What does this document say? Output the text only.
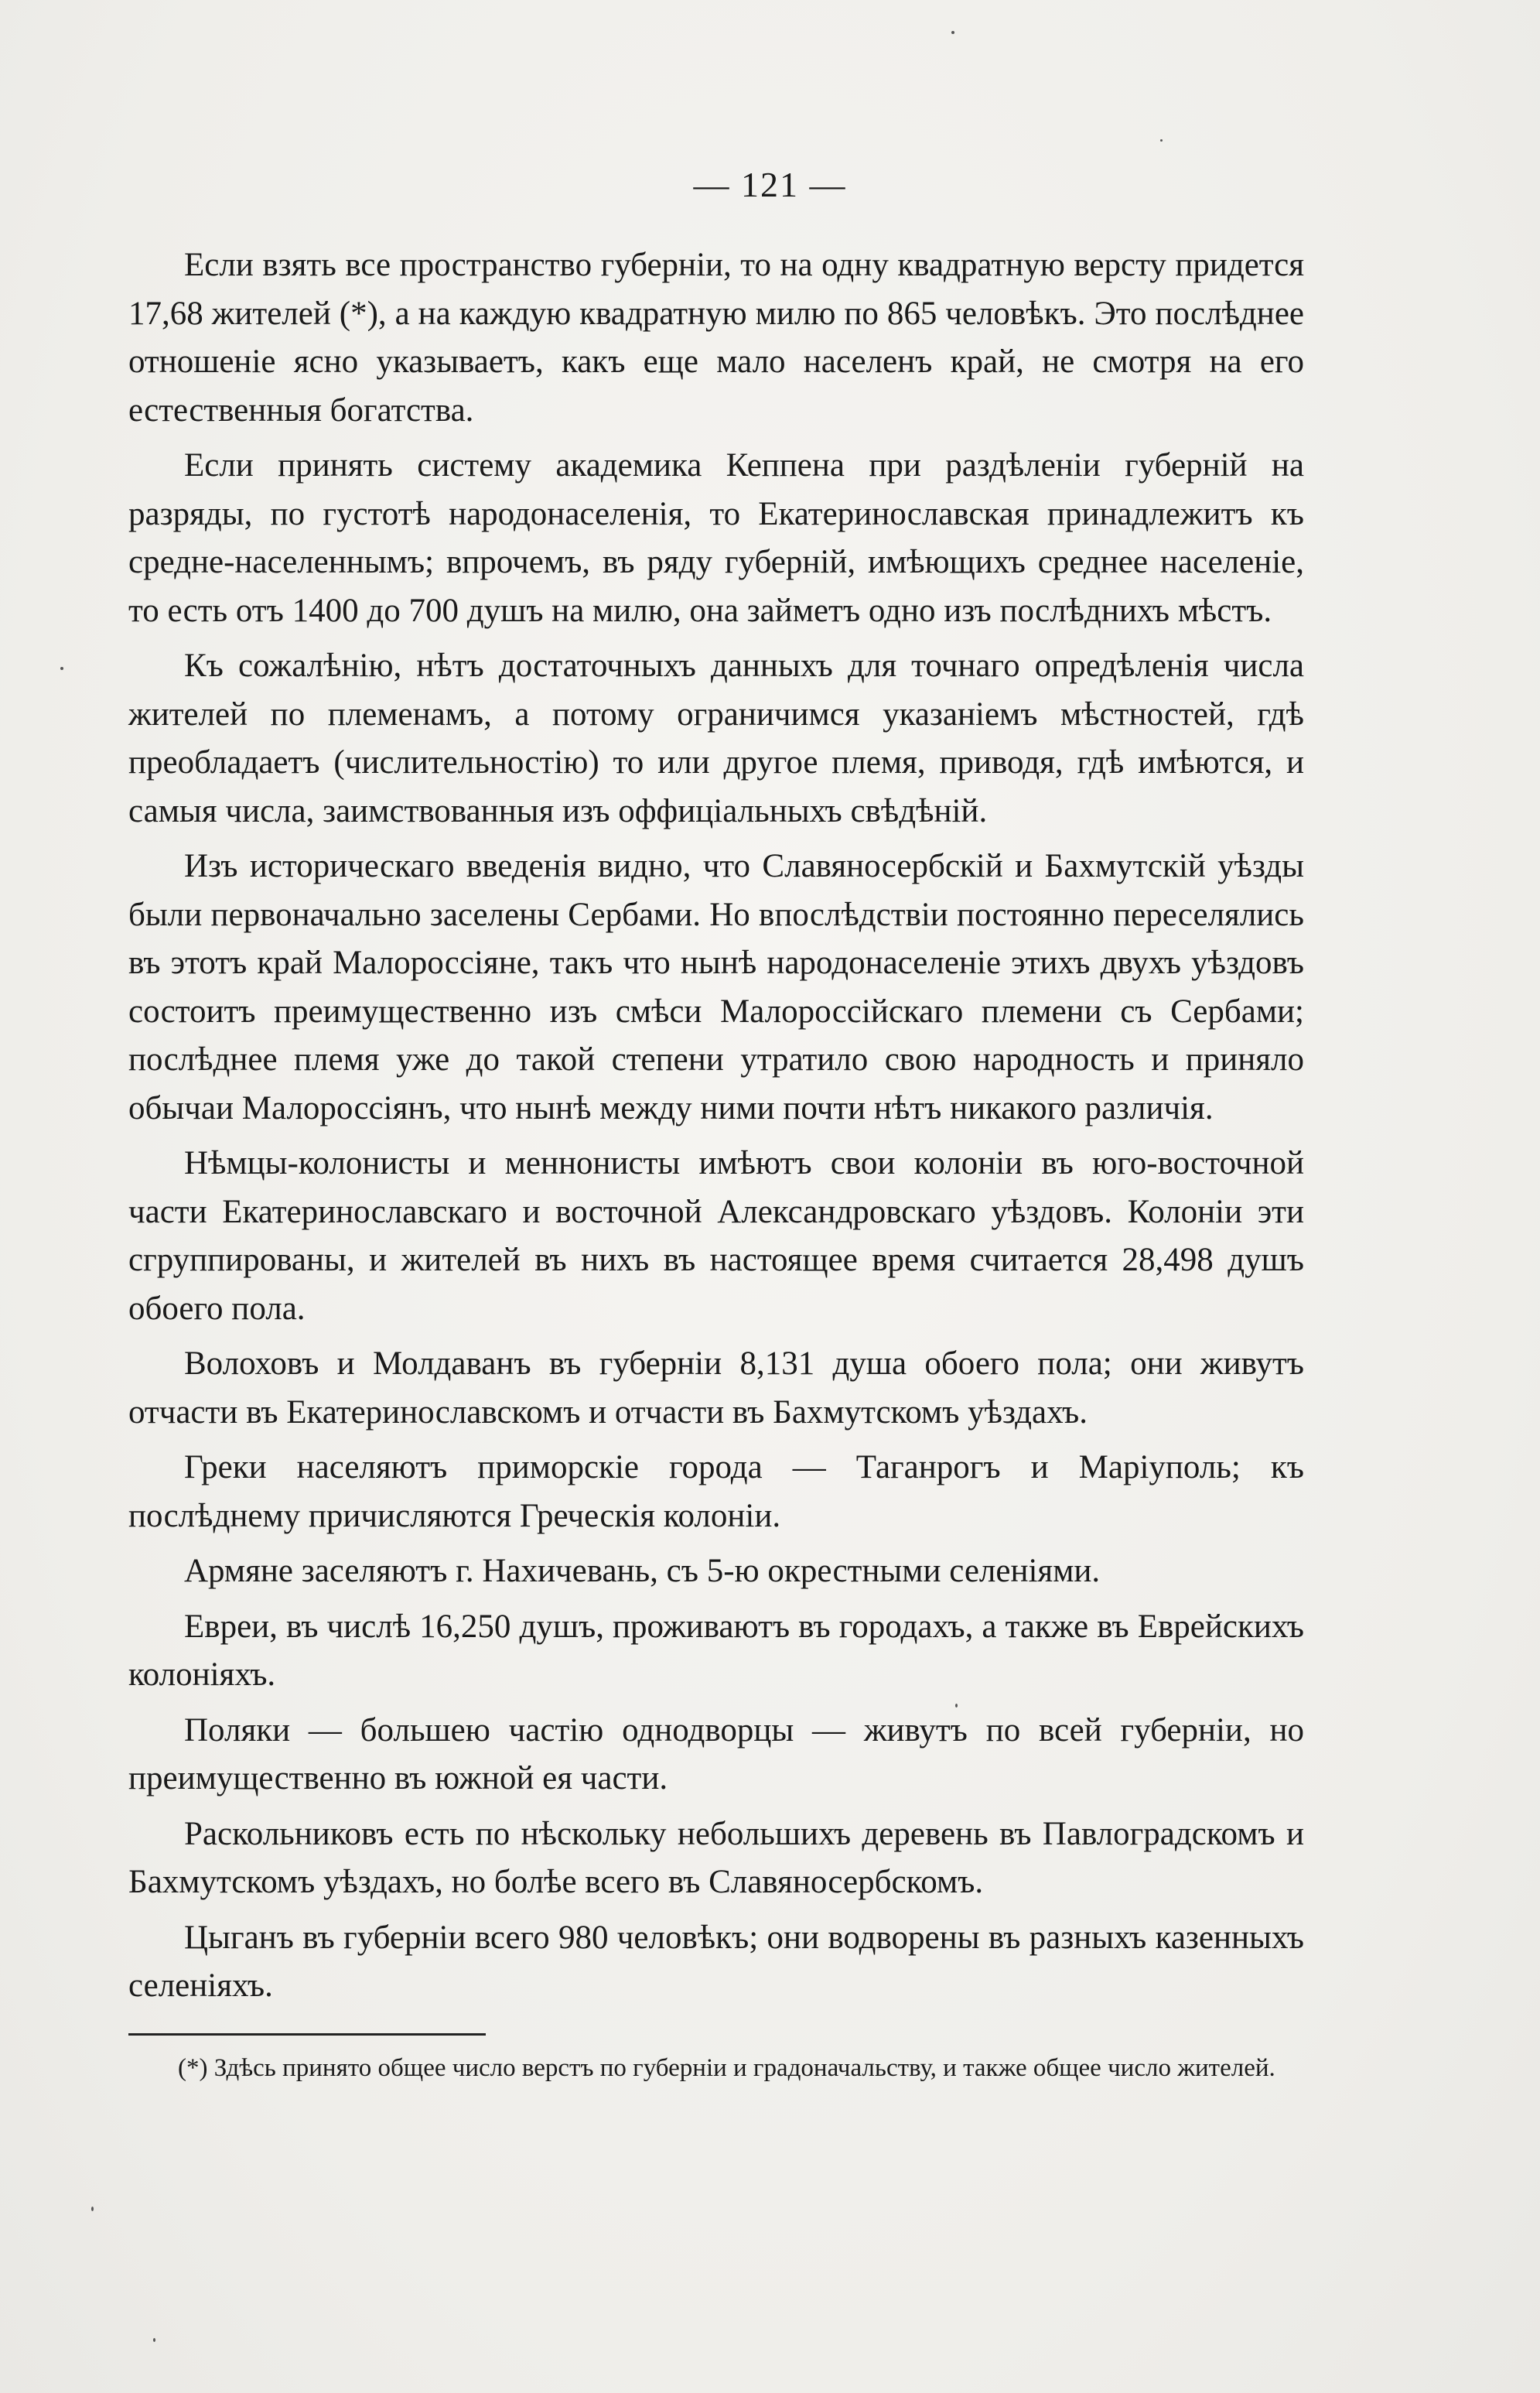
— 121 —

Если взять все пространство губерніи, то на одну квадратную версту придется 17,68 жителей (*), а на каждую квадратную милю по 865 человѣкъ. Это послѣднее отношеніе ясно указываетъ, какъ еще мало населенъ край, не смотря на его естественныя богатства.

Если принять систему академика Кеппена при раздѣленіи губерній на разряды, по густотѣ народонаселенія, то Екатеринославская принадлежитъ къ средне-населеннымъ; впрочемъ, въ ряду губерній, имѣющихъ среднее населеніе, то есть отъ 1400 до 700 душъ на милю, она займетъ одно изъ послѣднихъ мѣстъ.

Къ сожалѣнію, нѣтъ достаточныхъ данныхъ для точнаго опредѣленія числа жителей по племенамъ, а потому ограничимся указаніемъ мѣстностей, гдѣ преобладаетъ (числительностію) то или другое племя, приводя, гдѣ имѣются, и самыя числа, заимствованныя изъ оффиціальныхъ свѣдѣній.

Изъ историческаго введенія видно, что Славяносербскій и Бахмутскій уѣзды были первоначально заселены Сербами. Но впослѣдствіи постоянно переселялись въ этотъ край Малороссіяне, такъ что нынѣ народонаселеніе этихъ двухъ уѣздовъ состоитъ преимущественно изъ смѣси Малороссійскаго племени съ Сербами; послѣднее племя уже до такой степени утратило свою народность и приняло обычаи Малороссіянъ, что нынѣ между ними почти нѣтъ никакого различія.

Нѣмцы-колонисты и меннонисты имѣютъ свои колоніи въ юго-восточной части Екатеринославскаго и восточной Александровскаго уѣздовъ. Колоніи эти сгруппированы, и жителей въ нихъ въ настоящее время считается 28,498 душъ обоего пола.

Волоховъ и Молдаванъ въ губерніи 8,131 душа обоего пола; они живутъ отчасти въ Екатеринославскомъ и отчасти въ Бахмутскомъ уѣздахъ.

Греки населяютъ приморскіе города — Таганрогъ и Маріуполь; къ послѣднему причисляются Греческія колоніи.

Армяне заселяютъ г. Нахичевань, съ 5-ю окрестными селеніями.

Евреи, въ числѣ 16,250 душъ, проживаютъ въ городахъ, а также въ Еврейскихъ колоніяхъ.

Поляки — большею частію однодворцы — живутъ по всей губерніи, но преимущественно въ южной ея части.

Раскольниковъ есть по нѣскольку небольшихъ деревень въ Павлоградскомъ и Бахмутскомъ уѣздахъ, но болѣе всего въ Славяносербскомъ.

Цыганъ въ губерніи всего 980 человѣкъ; они водворены въ разныхъ казенныхъ селеніяхъ.

(*) Здѣсь принято общее число верстъ по губерніи и градоначальству, и также общее число жителей.
